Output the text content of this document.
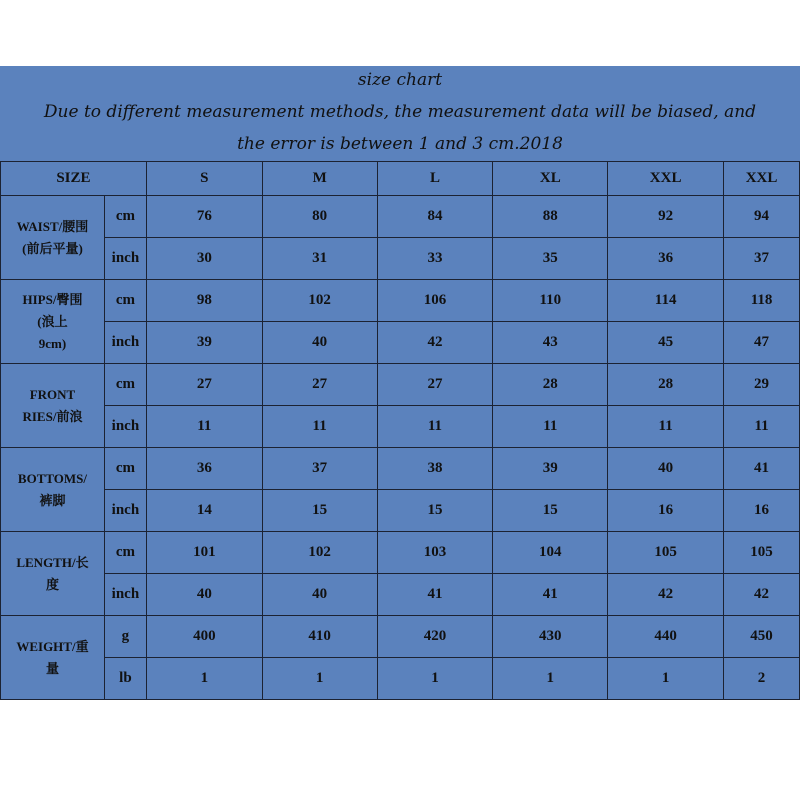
size chart
Due to different measurement methods, the measurement data will be biased, and
the error is between 1 and 3 cm.2018
SIZE		S	M	L	XL	XXL	XXL

WAIST/腰围
(前后平量)	cm	76	80	84	88	92	94
	inch	30	31	33	35	36	37

HIPS/臀围
(浪上
9cm)	cm	98	102	106	110	114	118
	inch	39	40	42	43	45	47

FRONT
RIES/前浪	cm	27	27	27	28	28	29
	inch	11	11	11	11	11	11

BOTTOMS/
裤脚	cm	36	37	38	39	40	41
	inch	14	15	15	15	16	16

LENGTH/长
度	cm	101	102	103	104	105	105
	inch	40	40	41	41	42	42

WEIGHT/重
量	g	400	410	420	430	440	450
	lb	1	1	1	1	1	2
